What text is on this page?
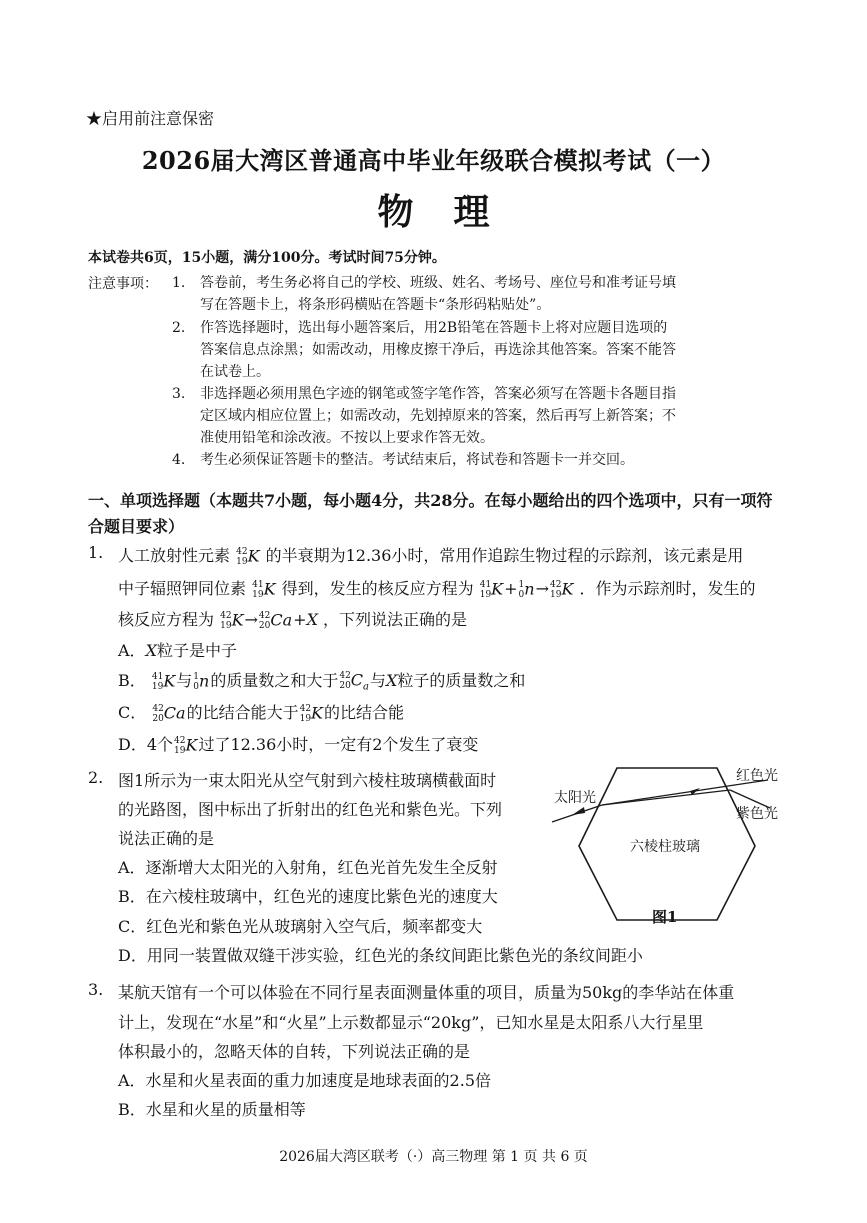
★启用前注意保密
2026届大湾区普通高中毕业年级联合模拟考试（一）
物理
本试卷共6页，15小题，满分100分。考试时间75分钟。
注意事项： 1. 答卷前，考生务必将自己的学校、班级、姓名、考场号、座位号和准考证号填
写在答题卡上，将条形码横贴在答题卡“条形码粘贴处”。
2. 作答选择题时，选出每小题答案后，用2B铅笔在答题卡上将对应题目选项的
答案信息点涂黑；如需改动，用橡皮擦干净后，再选涂其他答案。答案不能答
在试卷上。
3. 非选择题必须用黑色字迹的钢笔或签字笔作答，答案必须写在答题卡各题目指
定区域内相应位置上；如需改动，先划掉原来的答案，然后再写上新答案；不
准使用铅笔和涂改液。不按以上要求作答无效。
4. 考生必须保证答题卡的整洁。考试结束后，将试卷和答题卡一并交回。
一、单项选择题（本题共7小题，每小题4分，共28分。在每小题给出的四个选项中，只有一项符合题目要求）
1. 人工放射性元素 42
19 K 的半衰期为12.36小时，常用作追踪生物过程的示踪剂，该元素是用
中子辐照钾同位素 41
19 K 得到，发生的核反应方程为 41
19 K+ 1
0 n→ 42
19 K ．作为示踪剂时，发生的
核反应方程为 42
19 K→ 42
20 Ca+X ，下列说法正确的是
A．X粒子是中子
B． 41
19 K与 1
0 n的质量数之和大于 42
20 $C_a$与X粒子的质量数之和
C． 42
20 Ca的比结合能大于 42
19 K的比结合能
D．4个 42
19 K过了12.36小时，一定有2个发生了衰变
2. 图1所示为一束太阳光从空气射到六棱柱玻璃横截面时
的光路图，图中标出了折射出的红色光和紫色光。下列
说法正确的是
A．逐渐增大太阳光的入射角，红色光首先发生全反射
B．在六棱柱玻璃中，红色光的速度比紫色光的速度大
C．红色光和紫色光从玻璃射入空气后，频率都变大
D．用同一装置做双缝干涉实验，红色光的条纹间距比紫色光的条纹间距小
太阳光
红色光
紫色光
六棱柱玻璃
图1
3. 某航天馆有一个可以体验在不同行星表面测量体重的项目，质量为50kg的李华站在体重
计上，发现在“水星”和“火星”上示数都显示“20kg”，已知水星是太阳系八大行星里
体积最小的，忽略天体的自转，下列说法正确的是
A．水星和火星表面的重力加速度是地球表面的2.5倍
B．水星和火星的质量相等
2026届大湾区联考（·）高三物理 第 1 页 共 6 页
